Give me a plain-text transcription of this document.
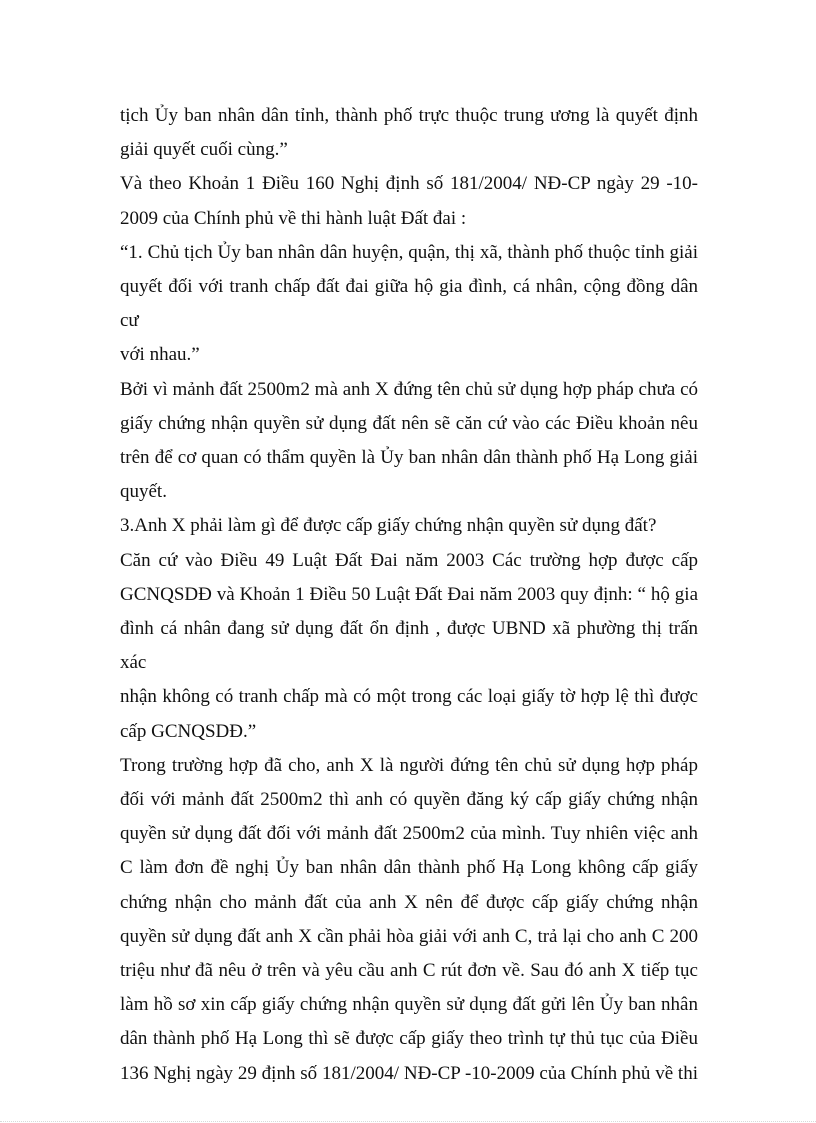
tịch Ủy ban nhân dân tỉnh, thành phố trực thuộc trung ương là quyết định

giải quyết cuối cùng.”

Và theo Khoản 1 Điều 160 Nghị định số 181/2004/ NĐ-CP ngày 29 -10-

2009 của Chính phủ về thi hành luật Đất đai :

“1. Chủ tịch Ủy ban nhân dân huyện, quận, thị xã, thành phố thuộc tỉnh giải

quyết đối với tranh chấp đất đai giữa hộ gia đình, cá nhân, cộng đồng dân cư

với nhau.”

Bởi vì mảnh đất 2500m2 mà anh X đứng tên chủ sử dụng hợp pháp chưa có

giấy chứng nhận quyền sử dụng đất nên sẽ căn cứ vào các Điều khoản nêu

trên để cơ quan có thẩm quyền là Ủy ban nhân dân thành phố Hạ Long giải

quyết.

3.Anh X phải làm gì để được cấp giấy chứng nhận quyền sử dụng đất?

Căn cứ vào Điều 49 Luật Đất Đai năm 2003 Các trường hợp được cấp

GCNQSDĐ và Khoản 1 Điều 50 Luật Đất Đai năm 2003 quy định: “ hộ gia

đình cá nhân đang sử dụng đất ổn định , được UBND xã phường thị trấn xác

nhận không có tranh chấp mà có một trong các loại giấy tờ hợp lệ thì được

cấp GCNQSDĐ.”

Trong trường hợp đã cho, anh X là người đứng tên chủ sử dụng hợp pháp

đối với mảnh đất 2500m2 thì anh có quyền đăng ký cấp giấy chứng nhận

quyền sử dụng đất đối với mảnh đất 2500m2 của mình. Tuy nhiên việc anh

C làm đơn đề nghị Ủy ban nhân dân thành phố Hạ Long không cấp giấy

chứng nhận cho mảnh đất của anh X nên để được cấp giấy chứng nhận

quyền sử dụng đất anh X cần phải hòa giải với anh C, trả lại cho anh C 200

triệu như đã nêu ở trên và yêu cầu anh C rút đơn về. Sau đó anh X tiếp tục

làm hồ sơ xin cấp giấy chứng nhận quyền sử dụng đất gửi lên Ủy ban nhân

dân thành phố Hạ Long thì sẽ được cấp giấy theo trình tự thủ tục của Điều

136 Nghị ngày 29 định số 181/2004/ NĐ-CP -10-2009 của Chính phủ về thi
